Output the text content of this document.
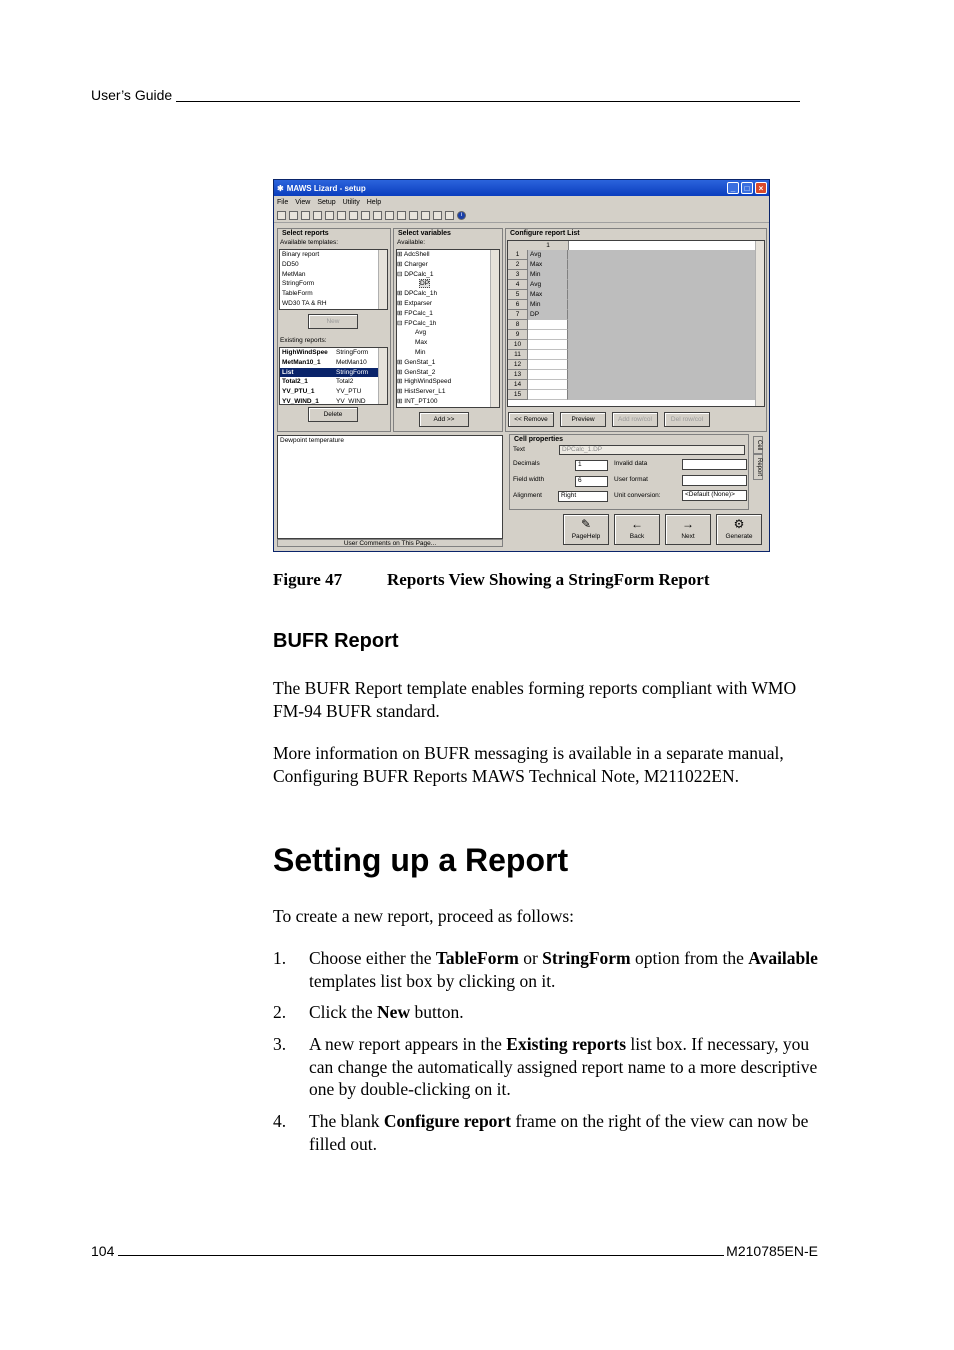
User’s Guide
✱ MAWS Lizard - setup	_	□	×
File View Setup Utility Help
i
Select reports
Available templates:
Binary report
DD50
MetMan
StringForm
TableForm
WD30 TA & RH
New
Existing reports:
HighWindSpee StringForm
MetMan10_1 MetMan10
List	StringForm
Total2_1	Total2
YV_PTU_1	YV_PTU
YV_WIND_1	YV_WIND
Delete
Select variables
Available:
⊞ AdcShell
⊞ Charger
⊟ DPCalc_1
DP
⊞ DPCalc_1h
⊞ Extparser
⊞ FPCalc_1
⊟ FPCalc_1h
Avg
Max
Min
⊞ GenStat_1
⊞ GenStat_2
⊞ HighWindSpeed
⊞ HistServer_L1
⊞ INT_PT100
Add >>
Dewpoint temperature
User Comments on This Page...
Configure report List
1
1	Avg
2	Max
3	Min
4	Avg
5	Max
6	Min
7	DP
8
9
10
11
12
13
14
15
<< Remove	Preview	Add row/col	Del row/col
Cell properties
Text	DPCalc_1.DP
Decimals	1	Invalid data
Field width	6	User format
Alignment	Right	Unit conversion:	<Default (None)>
Cell
Report
✎
PageHelp
←
Back
→
Next
⚙
Generate
Figure 47	Reports View Showing a StringForm Report
BUFR Report
The BUFR Report template enables forming reports compliant with WMO FM-94 BUFR standard.
More information on BUFR messaging is available in a separate manual, Configuring BUFR Reports MAWS Technical Note, M211022EN.
Setting up a Report
To create a new report, proceed as follows:
1. Choose either the TableForm or StringForm option from the Available templates list box by clicking on it.
2. Click the New button.
3. A new report appears in the Existing reports list box. If necessary, you can change the automatically assigned report name to a more descriptive one by double-clicking on it.
4. The blank Configure report frame on the right of the view can now be filled out.
104	M210785EN-E
